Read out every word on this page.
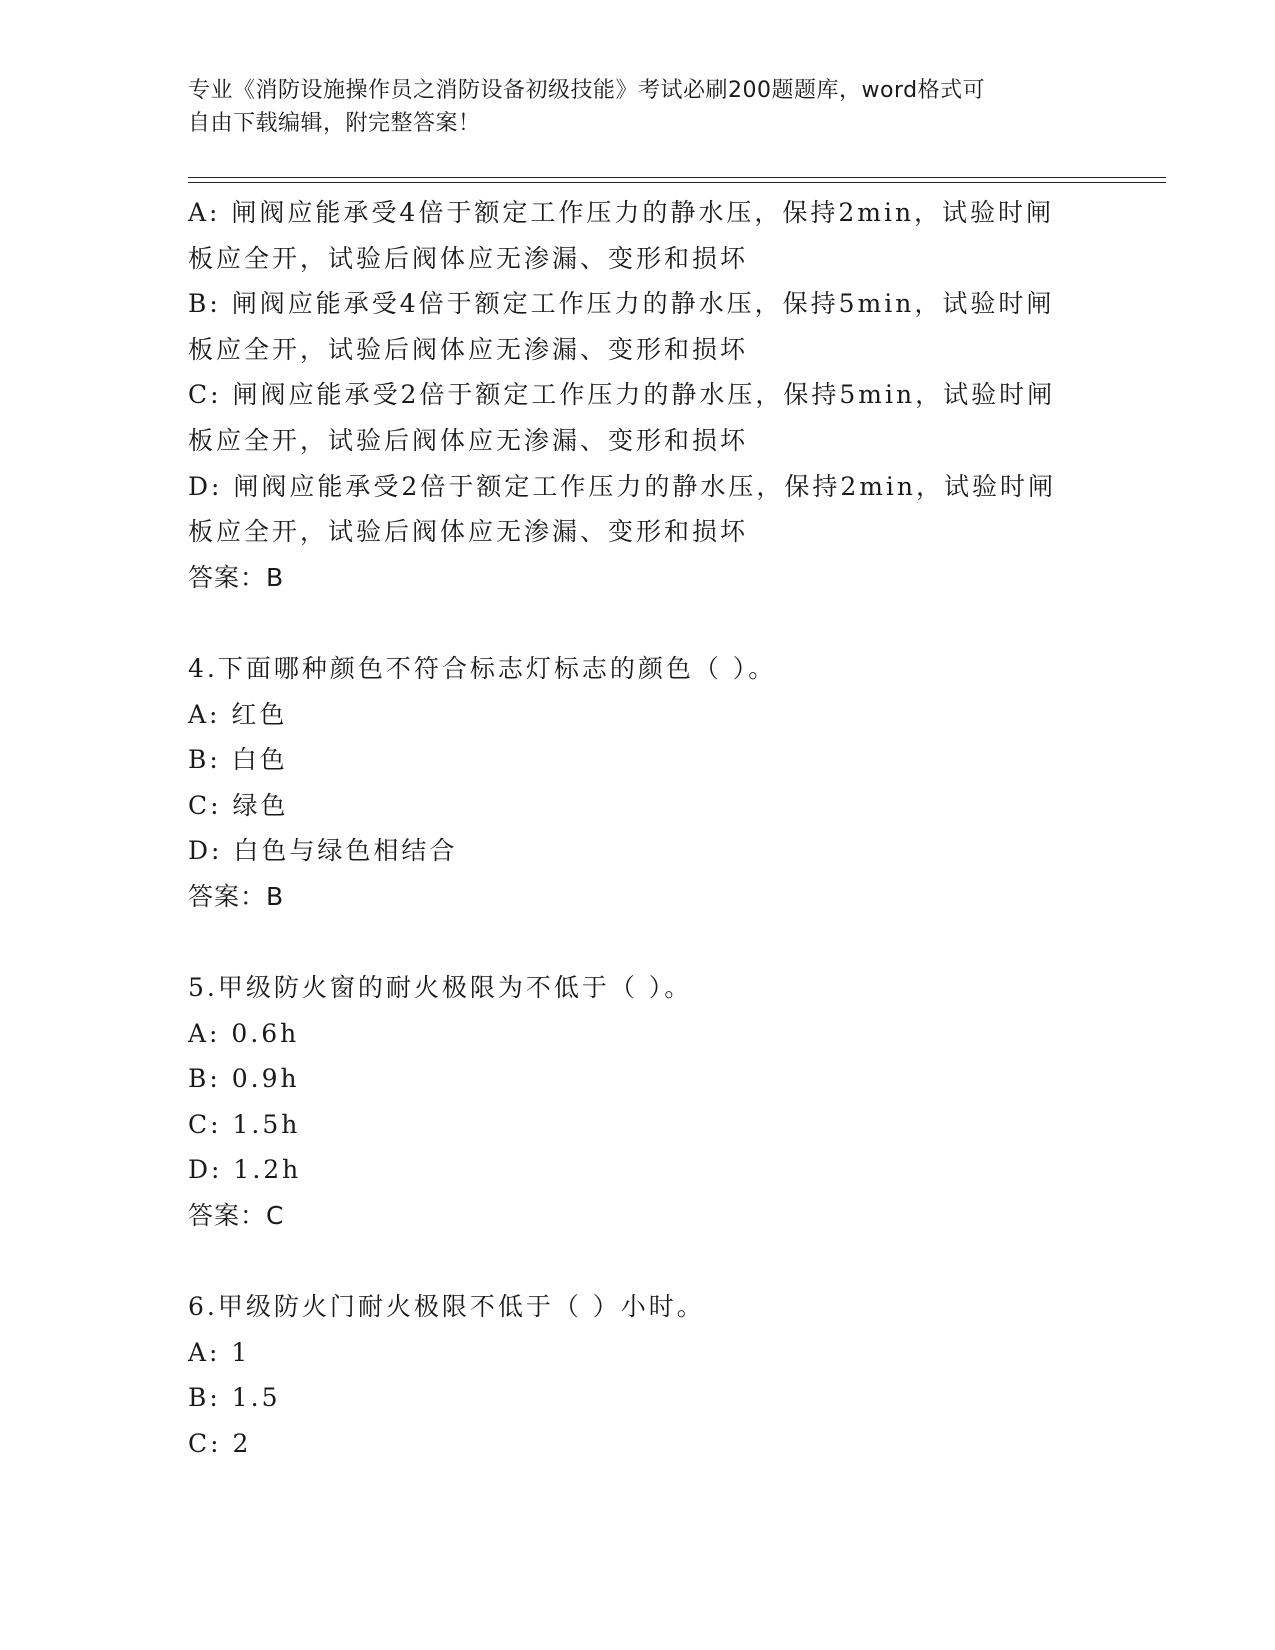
专业《消防设施操作员之消防设备初级技能》考试必刷200题题库，word格式可
自由下载编辑，附完整答案！
A: 闸阀应能承受4倍于额定工作压力的静水压，保持2min，试验时闸
板应全开，试验后阀体应无渗漏、变形和损坏
B: 闸阀应能承受4倍于额定工作压力的静水压，保持5min，试验时闸
板应全开，试验后阀体应无渗漏、变形和损坏
C: 闸阀应能承受2倍于额定工作压力的静水压，保持5min，试验时闸
板应全开，试验后阀体应无渗漏、变形和损坏
D: 闸阀应能承受2倍于额定工作压力的静水压，保持2min，试验时闸
板应全开，试验后阀体应无渗漏、变形和损坏
答案：B
4.下面哪种颜色不符合标志灯标志的颜色（ ）。
A: 红色
B: 白色
C: 绿色
D: 白色与绿色相结合
答案：B
5.甲级防火窗的耐火极限为不低于（ ）。
A: 0.6h
B: 0.9h
C: 1.5h
D: 1.2h
答案：C
6.甲级防火门耐火极限不低于（ ）小时。
A: 1
B: 1.5
C: 2
